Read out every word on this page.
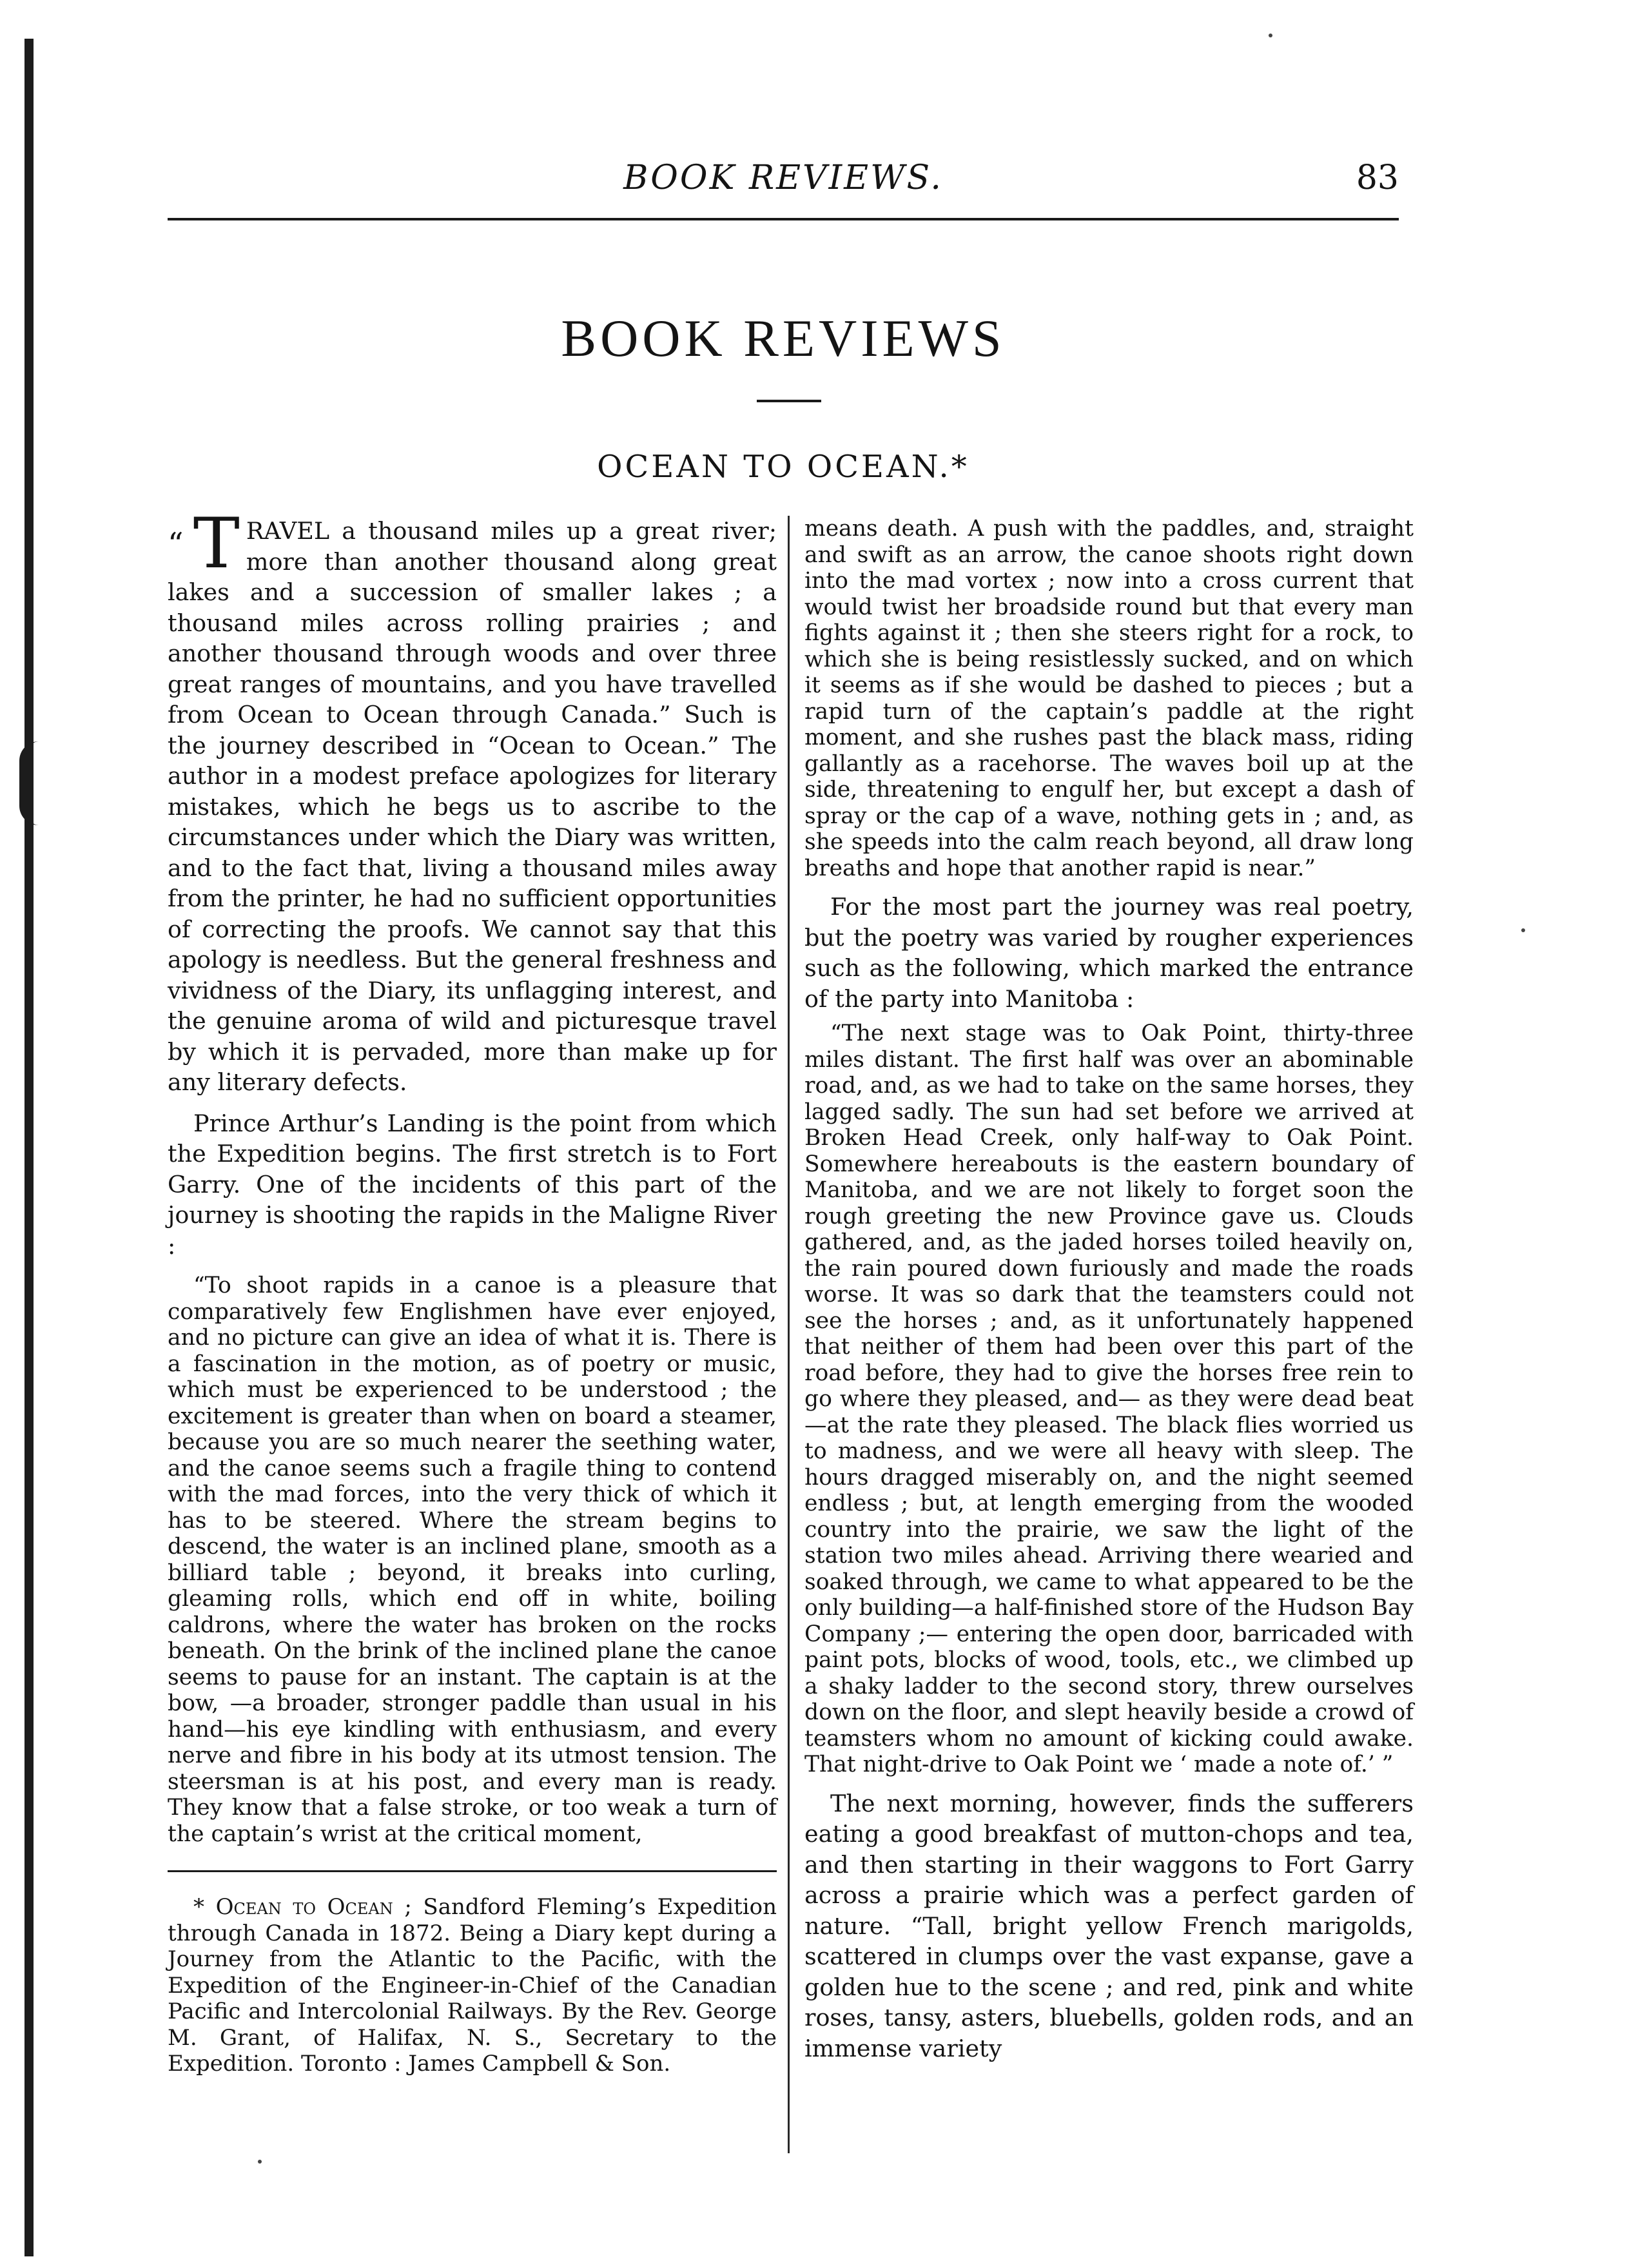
BOOK REVIEWS.	83
BOOK REVIEWS
OCEAN TO OCEAN.*

“ T RAVEL a thousand miles up a great river; more than another thousand along great lakes and a succession of smaller lakes ; a thousand miles across rolling prairies ; and another thousand through woods and over three great ranges of mountains, and you have travelled from Ocean to Ocean through Canada.” Such is the journey described in “Ocean to Ocean.” The author in a modest preface apologizes for literary mistakes, which he begs us to ascribe to the circumstances under which the Diary was written, and to the fact that, living a thousand miles away from the printer, he had no sufficient opportunities of correcting the proofs. We cannot say that this apology is needless. But the general freshness and vividness of the Diary, its unflagging interest, and the genuine aroma of wild and picturesque travel by which it is pervaded, more than make up for any literary defects.

Prince Arthur’s Landing is the point from which the Expedition begins. The first stretch is to Fort Garry. One of the incidents of this part of the journey is shooting the rapids in the Maligne River :

“To shoot rapids in a canoe is a pleasure that comparatively few Englishmen have ever enjoyed, and no picture can give an idea of what it is. There is a fascination in the motion, as of poetry or music, which must be experienced to be understood ; the excitement is greater than when on board a steamer, because you are so much nearer the seething water, and the canoe seems such a fragile thing to contend with the mad forces, into the very thick of which it has to be steered. Where the stream begins to descend, the water is an inclined plane, smooth as a billiard table ; beyond, it breaks into curling, gleaming rolls, which end off in white, boiling caldrons, where the water has broken on the rocks beneath. On the brink of the inclined plane the canoe seems to pause for an instant. The captain is at the bow, —a broader, stronger paddle than usual in his hand—his eye kindling with enthusiasm, and every nerve and fibre in his body at its utmost tension. The steersman is at his post, and every man is ready. They know that a false stroke, or too weak a turn of the captain’s wrist at the critical moment,

* Ocean to Ocean ; Sandford Fleming’s Expedition through Canada in 1872. Being a Diary kept during a Journey from the Atlantic to the Pacific, with the Expedition of the Engineer-in-Chief of the Canadian Pacific and Intercolonial Railways. By the Rev. George M. Grant, of Halifax, N. S., Secretary to the Expedition. Toronto : James Campbell & Son.

means death. A push with the paddles, and, straight and swift as an arrow, the canoe shoots right down into the mad vortex ; now into a cross current that would twist her broadside round but that every man fights against it ; then she steers right for a rock, to which she is being resistlessly sucked, and on which it seems as if she would be dashed to pieces ; but a rapid turn of the captain’s paddle at the right moment, and she rushes past the black mass, riding gallantly as a racehorse. The waves boil up at the side, threatening to engulf her, but except a dash of spray or the cap of a wave, nothing gets in ; and, as she speeds into the calm reach beyond, all draw long breaths and hope that another rapid is near.”

For the most part the journey was real poetry, but the poetry was varied by rougher experiences such as the following, which marked the entrance of the party into Manitoba :

“The next stage was to Oak Point, thirty-three miles distant. The first half was over an abominable road, and, as we had to take on the same horses, they lagged sadly. The sun had set before we arrived at Broken Head Creek, only half-way to Oak Point. Somewhere hereabouts is the eastern boundary of Manitoba, and we are not likely to forget soon the rough greeting the new Province gave us. Clouds gathered, and, as the jaded horses toiled heavily on, the rain poured down furiously and made the roads worse. It was so dark that the teamsters could not see the horses ; and, as it unfortunately happened that neither of them had been over this part of the road before, they had to give the horses free rein to go where they pleased, and— as they were dead beat—at the rate they pleased. The black flies worried us to madness, and we were all heavy with sleep. The hours dragged miserably on, and the night seemed endless ; but, at length emerging from the wooded country into the prairie, we saw the light of the station two miles ahead. Arriving there wearied and soaked through, we came to what appeared to be the only building—a half-finished store of the Hudson Bay Company ;— entering the open door, barricaded with paint pots, blocks of wood, tools, etc., we climbed up a shaky ladder to the second story, threw ourselves down on the floor, and slept heavily beside a crowd of teamsters whom no amount of kicking could awake. That night-drive to Oak Point we ‘ made a note of.’ ”

The next morning, however, finds the sufferers eating a good breakfast of mutton-chops and tea, and then starting in their waggons to Fort Garry across a prairie which was a perfect garden of nature. “Tall, bright yellow French marigolds, scattered in clumps over the vast expanse, gave a golden hue to the scene ; and red, pink and white roses, tansy, asters, bluebells, golden rods, and an immense variety
